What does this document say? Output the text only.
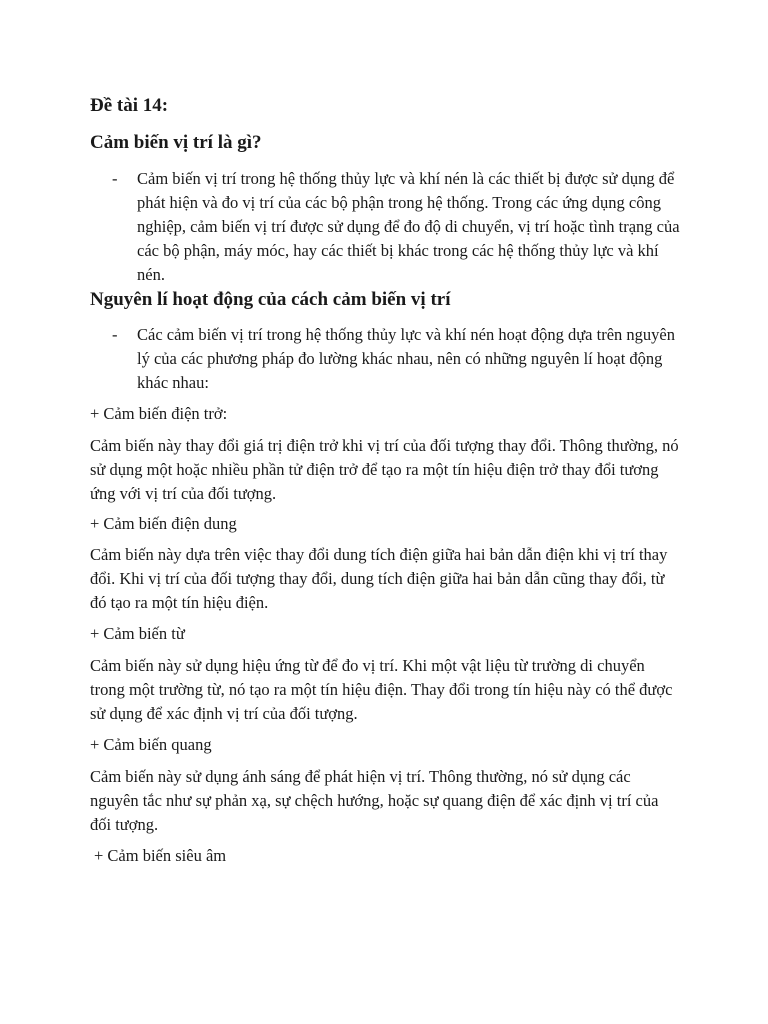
Đề tài 14:

Cảm biến vị trí là gì?
- Cảm biến vị trí trong hệ thống thủy lực và khí nén là các thiết bị được sử dụng để phát hiện và đo vị trí của các bộ phận trong hệ thống. Trong các ứng dụng công nghiệp, cảm biến vị trí được sử dụng để đo độ di chuyển, vị trí hoặc tình trạng của các bộ phận, máy móc, hay các thiết bị khác trong các hệ thống thủy lực và khí nén.
Nguyên lí hoạt động của cách cảm biến vị trí
- Các cảm biến vị trí trong hệ thống thủy lực và khí nén hoạt động dựa trên nguyên lý của các phương pháp đo lường khác nhau, nên có những nguyên lí hoạt động khác nhau:

+ Cảm biến điện trở:

Cảm biến này thay đổi giá trị điện trở khi vị trí của đối tượng thay đổi. Thông thường, nó sử dụng một hoặc nhiều phần tử điện trở để tạo ra một tín hiệu điện trở thay đổi tương ứng với vị trí của đối tượng.

+ Cảm biến điện dung

Cảm biến này dựa trên việc thay đổi dung tích điện giữa hai bản dẫn điện khi vị trí thay đổi. Khi vị trí của đối tượng thay đổi, dung tích điện giữa hai bản dẫn cũng thay đổi, từ đó tạo ra một tín hiệu điện.

+ Cảm biến từ

Cảm biến này sử dụng hiệu ứng từ để đo vị trí. Khi một vật liệu từ trường di chuyển trong một trường từ, nó tạo ra một tín hiệu điện. Thay đổi trong tín hiệu này có thể được sử dụng để xác định vị trí của đối tượng.

+ Cảm biến quang

Cảm biến này sử dụng ánh sáng để phát hiện vị trí. Thông thường, nó sử dụng các nguyên tắc như sự phản xạ, sự chệch hướng, hoặc sự quang điện để xác định vị trí của đối tượng.

+ Cảm biến siêu âm
